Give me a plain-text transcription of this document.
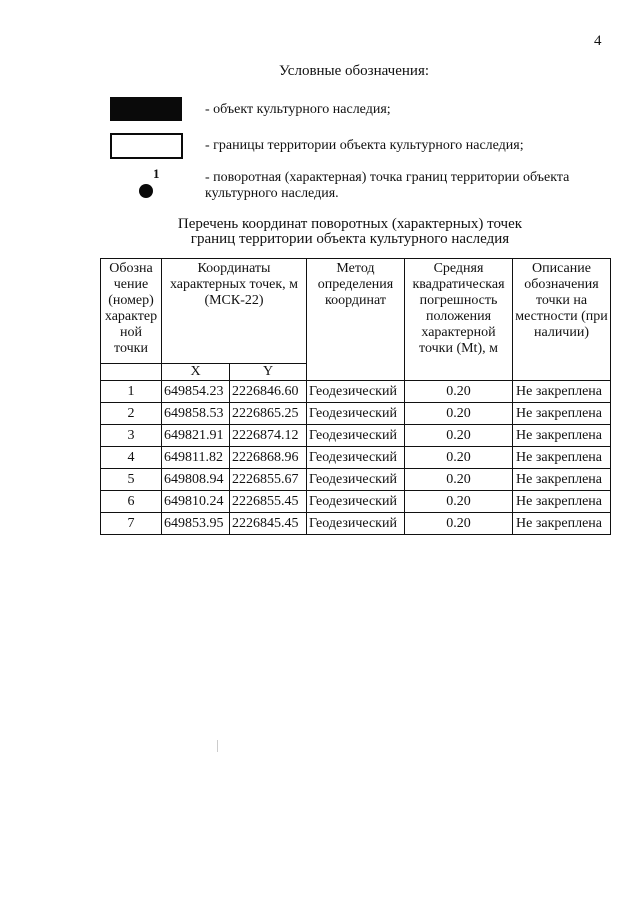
4
Условные обозначения:
- объект культурного наследия;
- границы территории объекта культурного наследия;
1	- поворотная (характерная) точка границ территории объекта культурного наследия.
Перечень координат поворотных (характерных) точек
границ территории объекта культурного наследия
Обозна чение (номер) характер ной точки	Координаты характерных точек, м (МСК-22)		Метод определения координат	Средняя квадратическая погрешность положения характерной точки (Mt), м	Описание обозначения точки на местности (при наличии)

	X	Y			
1	649854.23	2226846.60	Геодезический	0.20	Не закреплена
2	649858.53	2226865.25	Геодезический	0.20	Не закреплена
3	649821.91	2226874.12	Геодезический	0.20	Не закреплена
4	649811.82	2226868.96	Геодезический	0.20	Не закреплена
5	649808.94	2226855.67	Геодезический	0.20	Не закреплена
6	649810.24	2226855.45	Геодезический	0.20	Не закреплена
7	649853.95	2226845.45	Геодезический	0.20	Не закреплена
